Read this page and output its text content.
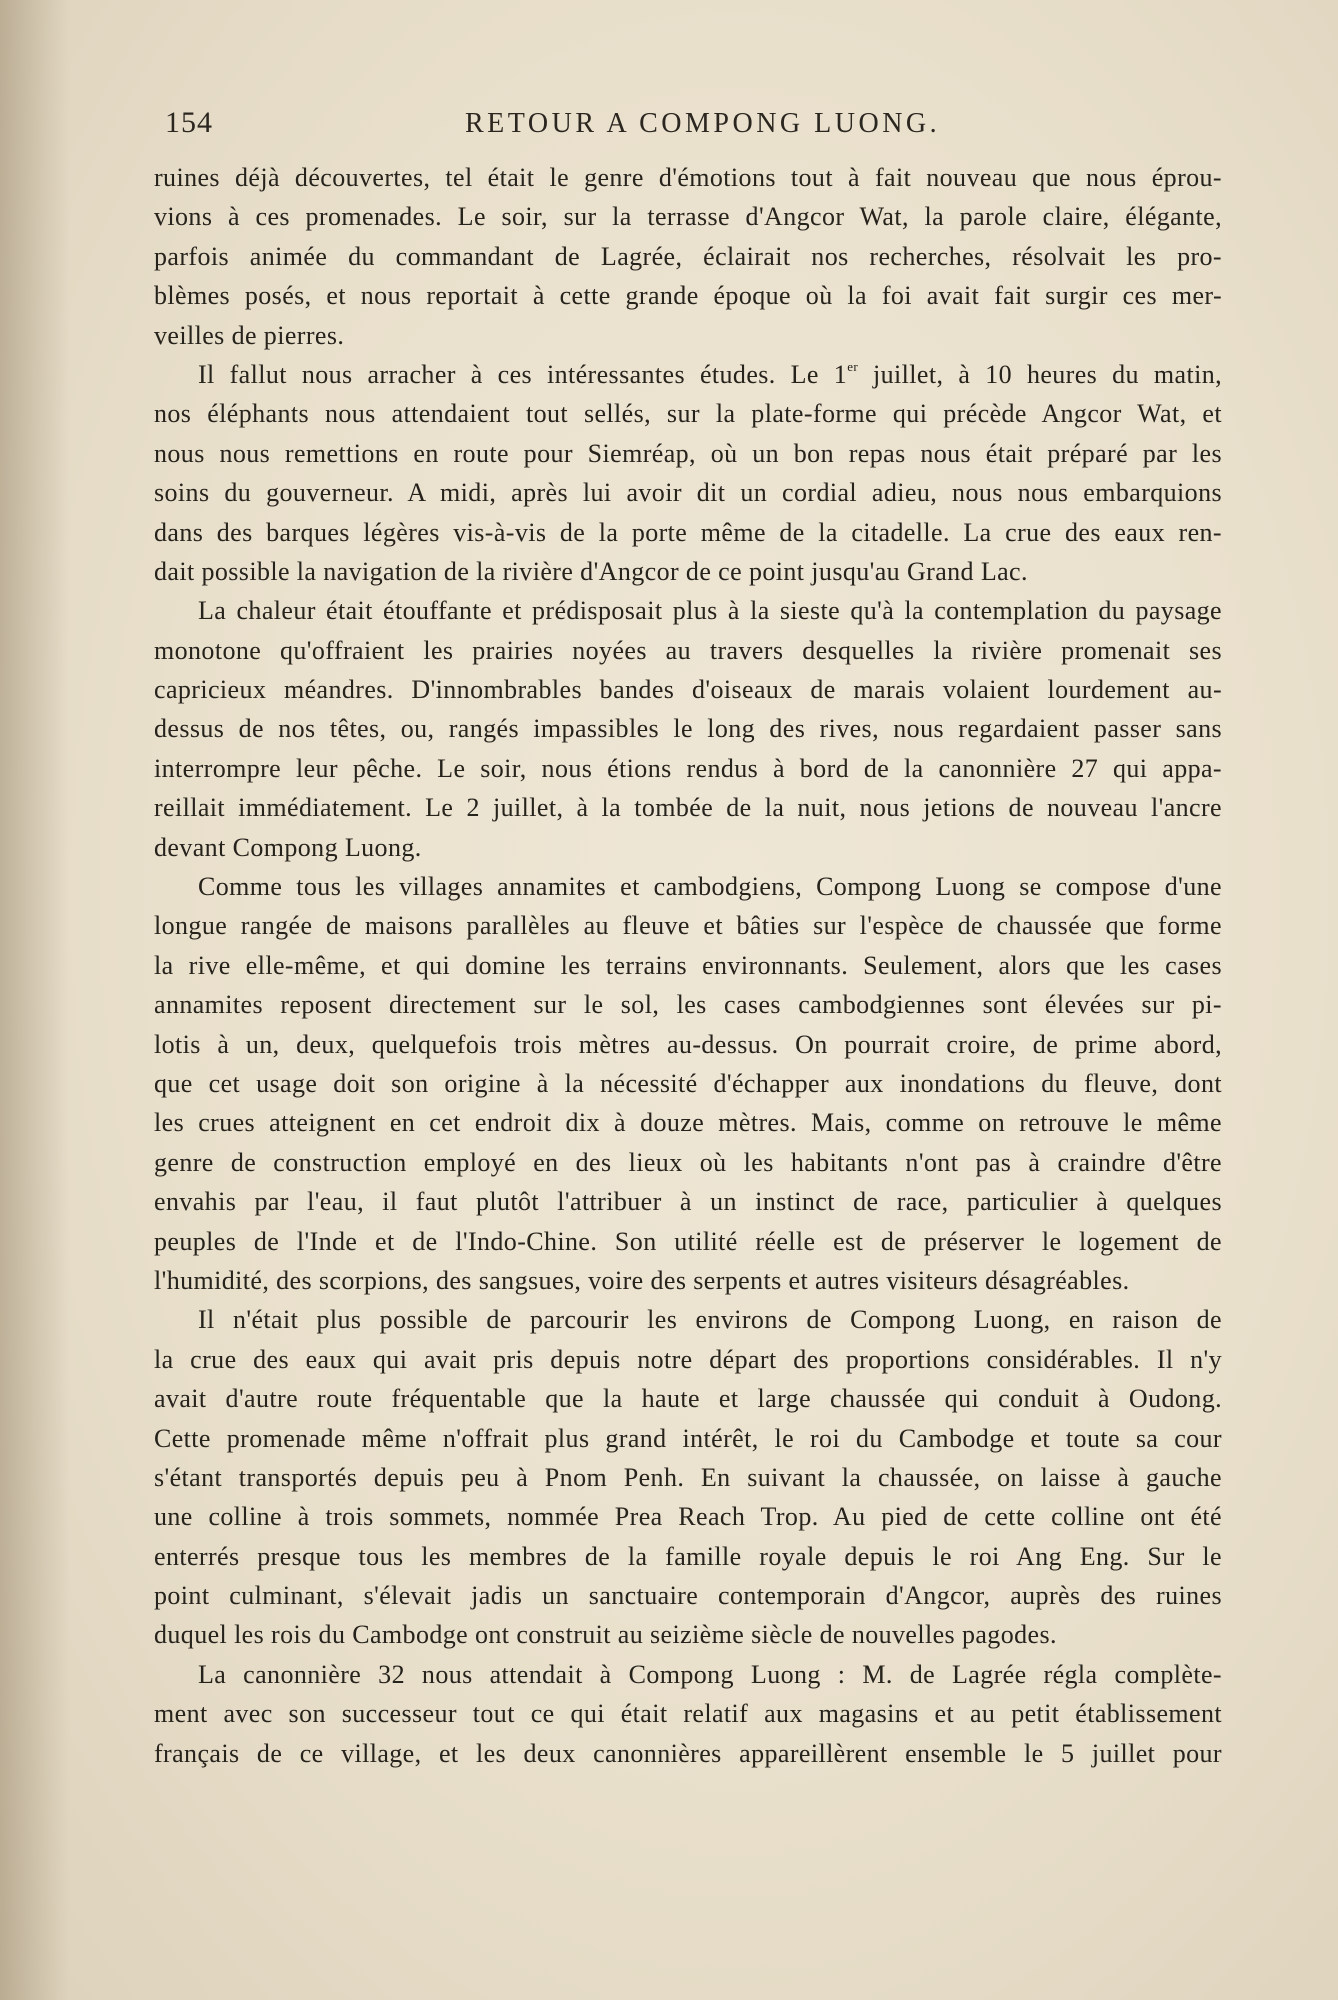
154	RETOUR A COMPONG LUONG.
ruines déjà découvertes, tel était le genre d'émotions tout à fait nouveau que nous éprou-
vions à ces promenades. Le soir, sur la terrasse d'Angcor Wat, la parole claire, élégante,
parfois animée du commandant de Lagrée, éclairait nos recherches, résolvait les pro-
blèmes posés, et nous reportait à cette grande époque où la foi avait fait surgir ces mer-
veilles de pierres.
Il fallut nous arracher à ces intéressantes études. Le 1er juillet, à 10 heures du matin,
nos éléphants nous attendaient tout sellés, sur la plate-forme qui précède Angcor Wat, et
nous nous remettions en route pour Siemréap, où un bon repas nous était préparé par les
soins du gouverneur. A midi, après lui avoir dit un cordial adieu, nous nous embarquions
dans des barques légères vis-à-vis de la porte même de la citadelle. La crue des eaux ren-
dait possible la navigation de la rivière d'Angcor de ce point jusqu'au Grand Lac.
La chaleur était étouffante et prédisposait plus à la sieste qu'à la contemplation du paysage
monotone qu'offraient les prairies noyées au travers desquelles la rivière promenait ses
capricieux méandres. D'innombrables bandes d'oiseaux de marais volaient lourdement au-
dessus de nos têtes, ou, rangés impassibles le long des rives, nous regardaient passer sans
interrompre leur pêche. Le soir, nous étions rendus à bord de la canonnière 27 qui appa-
reillait immédiatement. Le 2 juillet, à la tombée de la nuit, nous jetions de nouveau l'ancre
devant Compong Luong.
Comme tous les villages annamites et cambodgiens, Compong Luong se compose d'une
longue rangée de maisons parallèles au fleuve et bâties sur l'espèce de chaussée que forme
la rive elle-même, et qui domine les terrains environnants. Seulement, alors que les cases
annamites reposent directement sur le sol, les cases cambodgiennes sont élevées sur pi-
lotis à un, deux, quelquefois trois mètres au-dessus. On pourrait croire, de prime abord,
que cet usage doit son origine à la nécessité d'échapper aux inondations du fleuve, dont
les crues atteignent en cet endroit dix à douze mètres. Mais, comme on retrouve le même
genre de construction employé en des lieux où les habitants n'ont pas à craindre d'être
envahis par l'eau, il faut plutôt l'attribuer à un instinct de race, particulier à quelques
peuples de l'Inde et de l'Indo-Chine. Son utilité réelle est de préserver le logement de
l'humidité, des scorpions, des sangsues, voire des serpents et autres visiteurs désagréables.
Il n'était plus possible de parcourir les environs de Compong Luong, en raison de
la crue des eaux qui avait pris depuis notre départ des proportions considérables. Il n'y
avait d'autre route fréquentable que la haute et large chaussée qui conduit à Oudong.
Cette promenade même n'offrait plus grand intérêt, le roi du Cambodge et toute sa cour
s'étant transportés depuis peu à Pnom Penh. En suivant la chaussée, on laisse à gauche
une colline à trois sommets, nommée Prea Reach Trop. Au pied de cette colline ont été
enterrés presque tous les membres de la famille royale depuis le roi Ang Eng. Sur le
point culminant, s'élevait jadis un sanctuaire contemporain d'Angcor, auprès des ruines
duquel les rois du Cambodge ont construit au seizième siècle de nouvelles pagodes.
La canonnière 32 nous attendait à Compong Luong : M. de Lagrée régla complète-
ment avec son successeur tout ce qui était relatif aux magasins et au petit établissement
français de ce village, et les deux canonnières appareillèrent ensemble le 5 juillet pour
